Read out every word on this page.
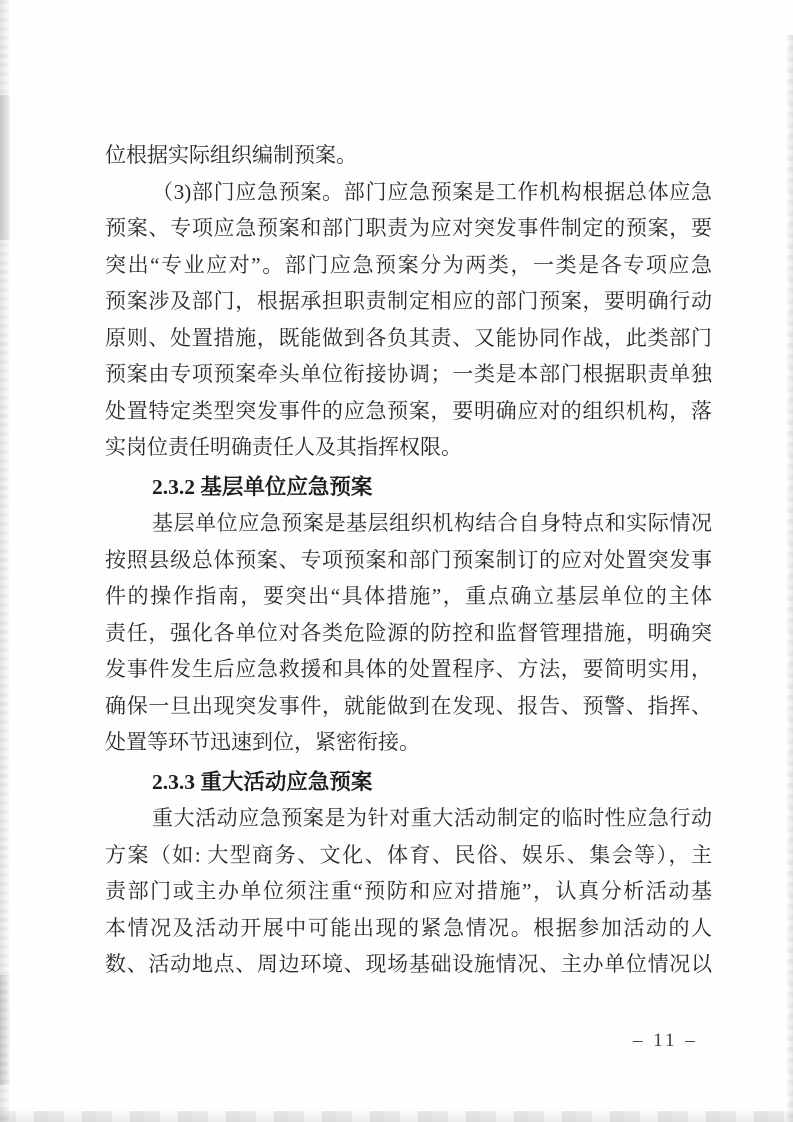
位根据实际组织编制预案。
（3)部门应急预案。部门应急预案是工作机构根据总体应急
预案、专项应急预案和部门职责为应对突发事件制定的预案，要
突出“专业应对”。部门应急预案分为两类，一类是各专项应急
预案涉及部门，根据承担职责制定相应的部门预案，要明确行动
原则、处置措施，既能做到各负其责、又能协同作战，此类部门
预案由专项预案牵头单位衔接协调；一类是本部门根据职责单独
处置特定类型突发事件的应急预案，要明确应对的组织机构，落
实岗位责任明确责任人及其指挥权限。
2.3.2 基层单位应急预案
基层单位应急预案是基层组织机构结合自身特点和实际情况
按照县级总体预案、专项预案和部门预案制订的应对处置突发事
件的操作指南，要突出“具体措施”，重点确立基层单位的主体
责任，强化各单位对各类危险源的防控和监督管理措施，明确突
发事件发生后应急救援和具体的处置程序、方法，要简明实用，
确保一旦出现突发事件，就能做到在发现、报告、预警、指挥、
处置等环节迅速到位，紧密衔接。
2.3.3 重大活动应急预案
重大活动应急预案是为针对重大活动制定的临时性应急行动
方案（如: 大型商务、文化、体育、民俗、娱乐、集会等），主
责部门或主办单位须注重“预防和应对措施”，认真分析活动基
本情况及活动开展中可能出现的紧急情况。根据参加活动的人
数、活动地点、周边环境、现场基础设施情况、主办单位情况以
– 11 –
